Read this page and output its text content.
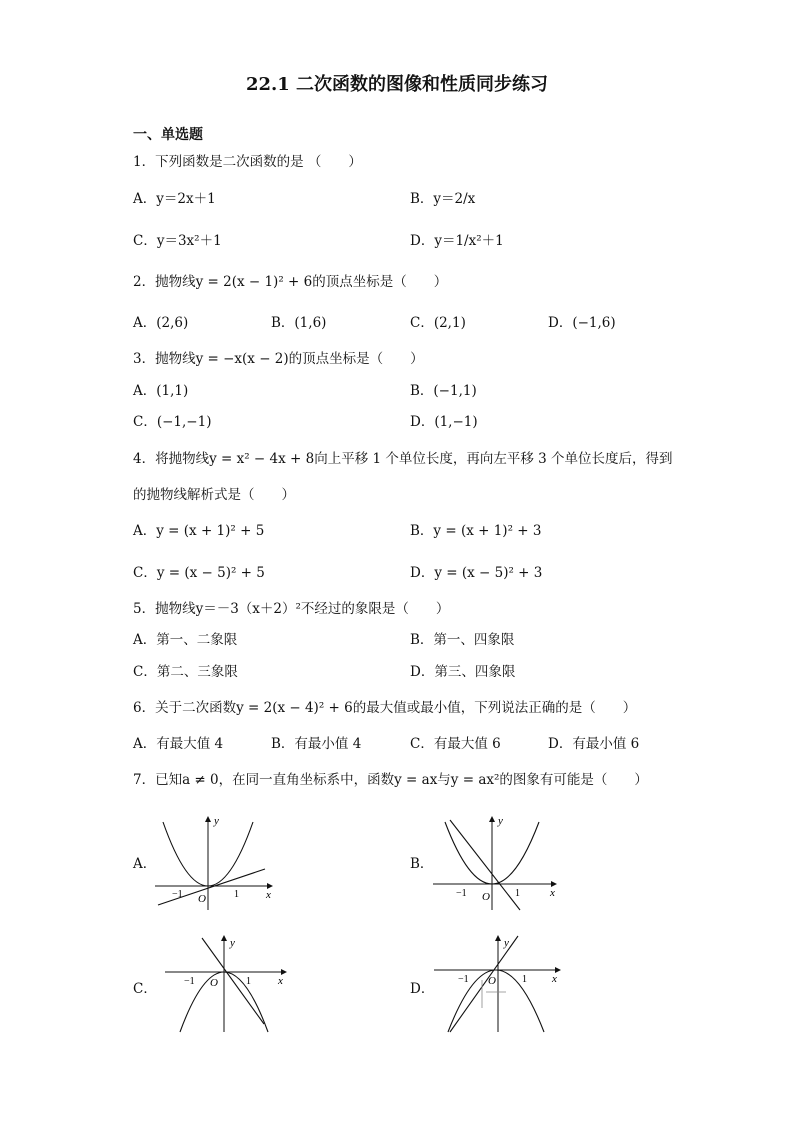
22.1 二次函数的图像和性质同步练习
一、单选题
1．下列函数是二次函数的是 （　　）
A．y＝2x＋1	B．y＝2/x
C．y＝3x²＋1	D．y＝1/x²＋1
2．抛物线y = 2(x − 1)² + 6的顶点坐标是（　　）
A．(2,6)	B．(1,6)	C．(2,1)	D．(−1,6)
3．抛物线y = −x(x − 2)的顶点坐标是（　　）
A．(1,1)	B．(−1,1)
C．(−1,−1)	D．(1,−1)
4．将抛物线y = x² − 4x + 8向上平移 1 个单位长度，再向左平移 3 个单位长度后，得到
的抛物线解析式是（　　）
A．y = (x + 1)² + 5	B．y = (x + 1)² + 3
C．y = (x − 5)² + 5	D．y = (x − 5)² + 3
5．抛物线y＝－3（x＋2）²不经过的象限是（　　）
A．第一、二象限	B．第一、四象限
C．第二、三象限	D．第三、四象限
6．关于二次函数y = 2(x − 4)² + 6的最大值或最小值，下列说法正确的是（　　）
A．有最大值 4	B．有最小值 4	C．有最大值 6	D．有最小值 6
7．已知a ≠ 0，在同一直角坐标系中，函数y = ax与y = ax²的图象有可能是（　　）
A．	B．
C．	D．
y
x
O
−1	1
y
x
O
−1	1
y
x
O
−1	1
y
x
O
−1	1
